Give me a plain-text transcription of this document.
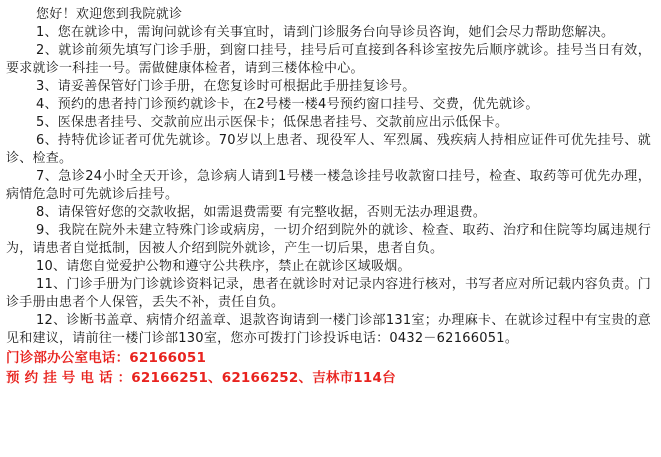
您好！欢迎您到我院就诊

1、您在就诊中，需询问就诊有关事宜时，请到门诊服务台向导诊员咨询，她们会尽力帮助您解决。

2、就诊前须先填写门诊手册，到窗口挂号，挂号后可直接到各科诊室按先后顺序就诊。挂号当日有效，要求就诊一科挂一号。需做健康体检者，请到三楼体检中心。

3、请妥善保管好门诊手册，在您复诊时可根据此手册挂复诊号。

4、预约的患者持门诊预约就诊卡，在2号楼一楼4号预约窗口挂号、交费，优先就诊。

5、医保患者挂号、交款前应出示医保卡；低保患者挂号、交款前应出示低保卡。

6、持特优诊证者可优先就诊。70岁以上患者、现役军人、军烈属、残疾病人持相应证件可优先挂号、就诊、检查。

7、急诊24小时全天开诊，急诊病人请到1号楼一楼急诊挂号收款窗口挂号，检查、取药等可优先办理，病情危急时可先就诊后挂号。

8、请保管好您的交款收据，如需退费需要 有完整收据，否则无法办理退费。

9、我院在院外未建立特殊门诊或病房，一切介绍到院外的就诊、检查、取药、治疗和住院等均属违规行为，请患者自觉抵制，因被人介绍到院外就诊，产生一切后果，患者自负。

10、请您自觉爱护公物和遵守公共秩序，禁止在就诊区域吸烟。

11、门诊手册为门诊就诊资料记录，患者在就诊时对记录内容进行核对，书写者应对所记载内容负责。门诊手册由患者个人保管，丢失不补，责任自负。

12、诊断书盖章、病情介绍盖章、退款咨询请到一楼门诊部131室；办理麻卡、在就诊过程中有宝贵的意见和建议，请前往一楼门诊部130室，您亦可拨打门诊投诉电话：0432－62166051。

门诊部办公室电话：62166051
预 约 挂 号 电 话 ：62166251、62166252、吉林市114台
